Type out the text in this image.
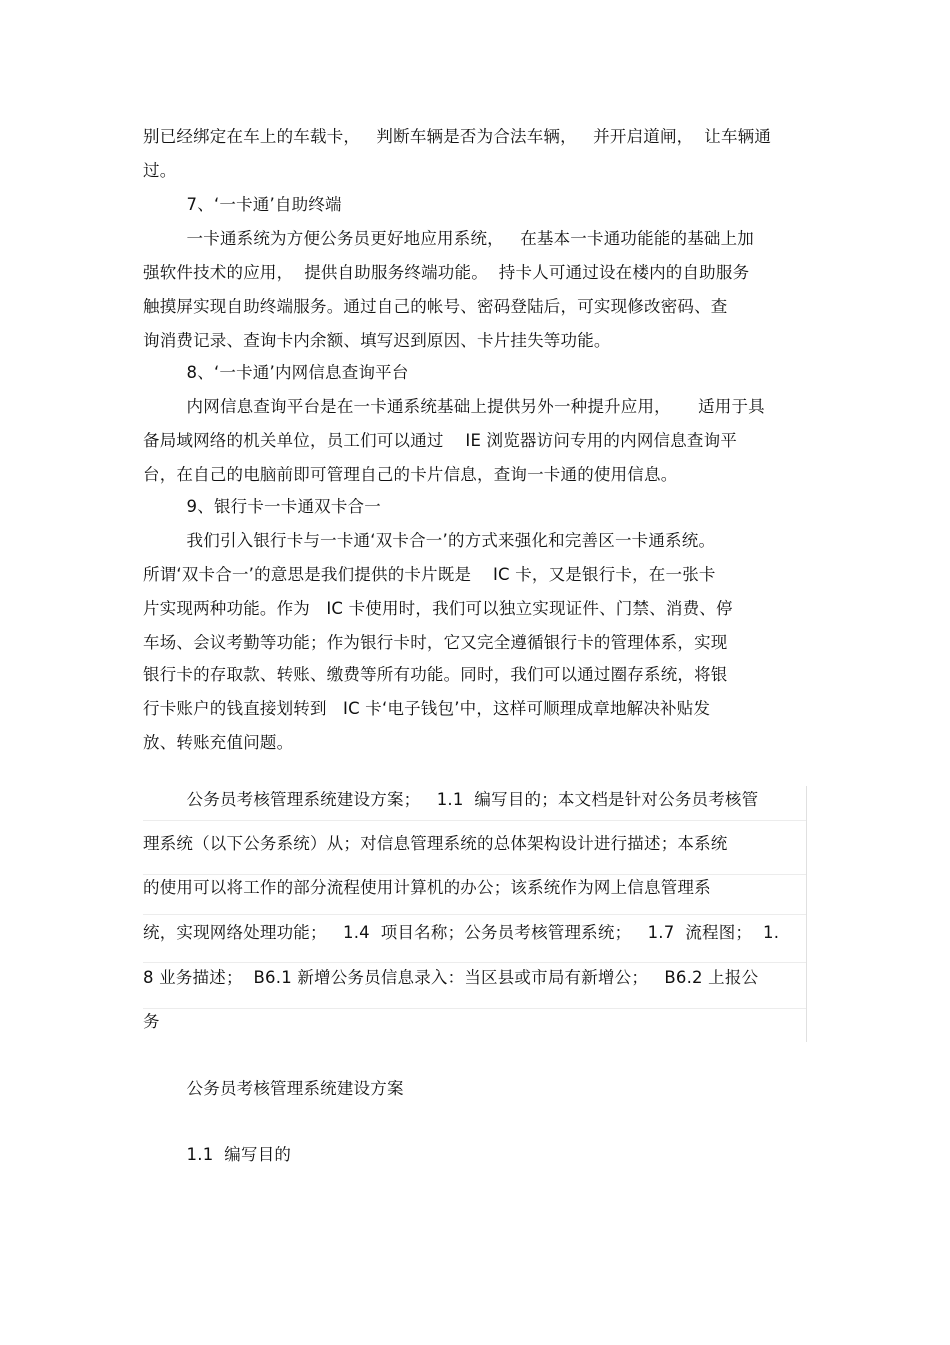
别已经绑定在车上的车载卡，   判断车辆是否为合法车辆，   并开启道闸，  让车辆通
过。
7、‘一卡通’自助终端
一卡通系统为方便公务员更好地应用系统，   在基本一卡通功能能的基础上加
强软件技术的应用，  提供自助服务终端功能。  持卡人可通过设在楼内的自助服务
触摸屏实现自助终端服务。通过自己的帐号、密码登陆后，可实现修改密码、查
询消费记录、查询卡内余额、填写迟到原因、卡片挂失等功能。
8、‘一卡通’内网信息查询平台
内网信息查询平台是在一卡通系统基础上提供另外一种提升应用，     适用于具
备局域网络的机关单位，员工们可以通过    IE 浏览器访问专用的内网信息查询平
台，在自己的电脑前即可管理自己的卡片信息，查询一卡通的使用信息。
9、银行卡一卡通双卡合一
我们引入银行卡与一卡通‘双卡合一’的方式来强化和完善区一卡通系统。
所谓‘双卡合一’的意思是我们提供的卡片既是    IC 卡，又是银行卡，在一张卡
片实现两种功能。作为   IC 卡使用时，我们可以独立实现证件、门禁、消费、停
车场、会议考勤等功能；作为银行卡时，它又完全遵循银行卡的管理体系，实现
银行卡的存取款、转账、缴费等所有功能。同时，我们可以通过圈存系统，将银
行卡账户的钱直接划转到   IC 卡‘电子钱包’中，这样可顺理成章地解决补贴发
放、转账充值问题。
公务员考核管理系统建设方案；   1.1  编写目的；本文档是针对公务员考核管
理系统（以下公务系统）从；对信息管理系统的总体架构设计进行描述；本系统
的使用可以将工作的部分流程使用计算机的办公；该系统作为网上信息管理系
统，实现网络处理功能；   1.4  项目名称；公务员考核管理系统；   1.7  流程图；  1.
8 业务描述；  B6.1 新增公务员信息录入：当区县或市局有新增公；   B6.2 上报公
务
公务员考核管理系统建设方案
1.1  编写目的
